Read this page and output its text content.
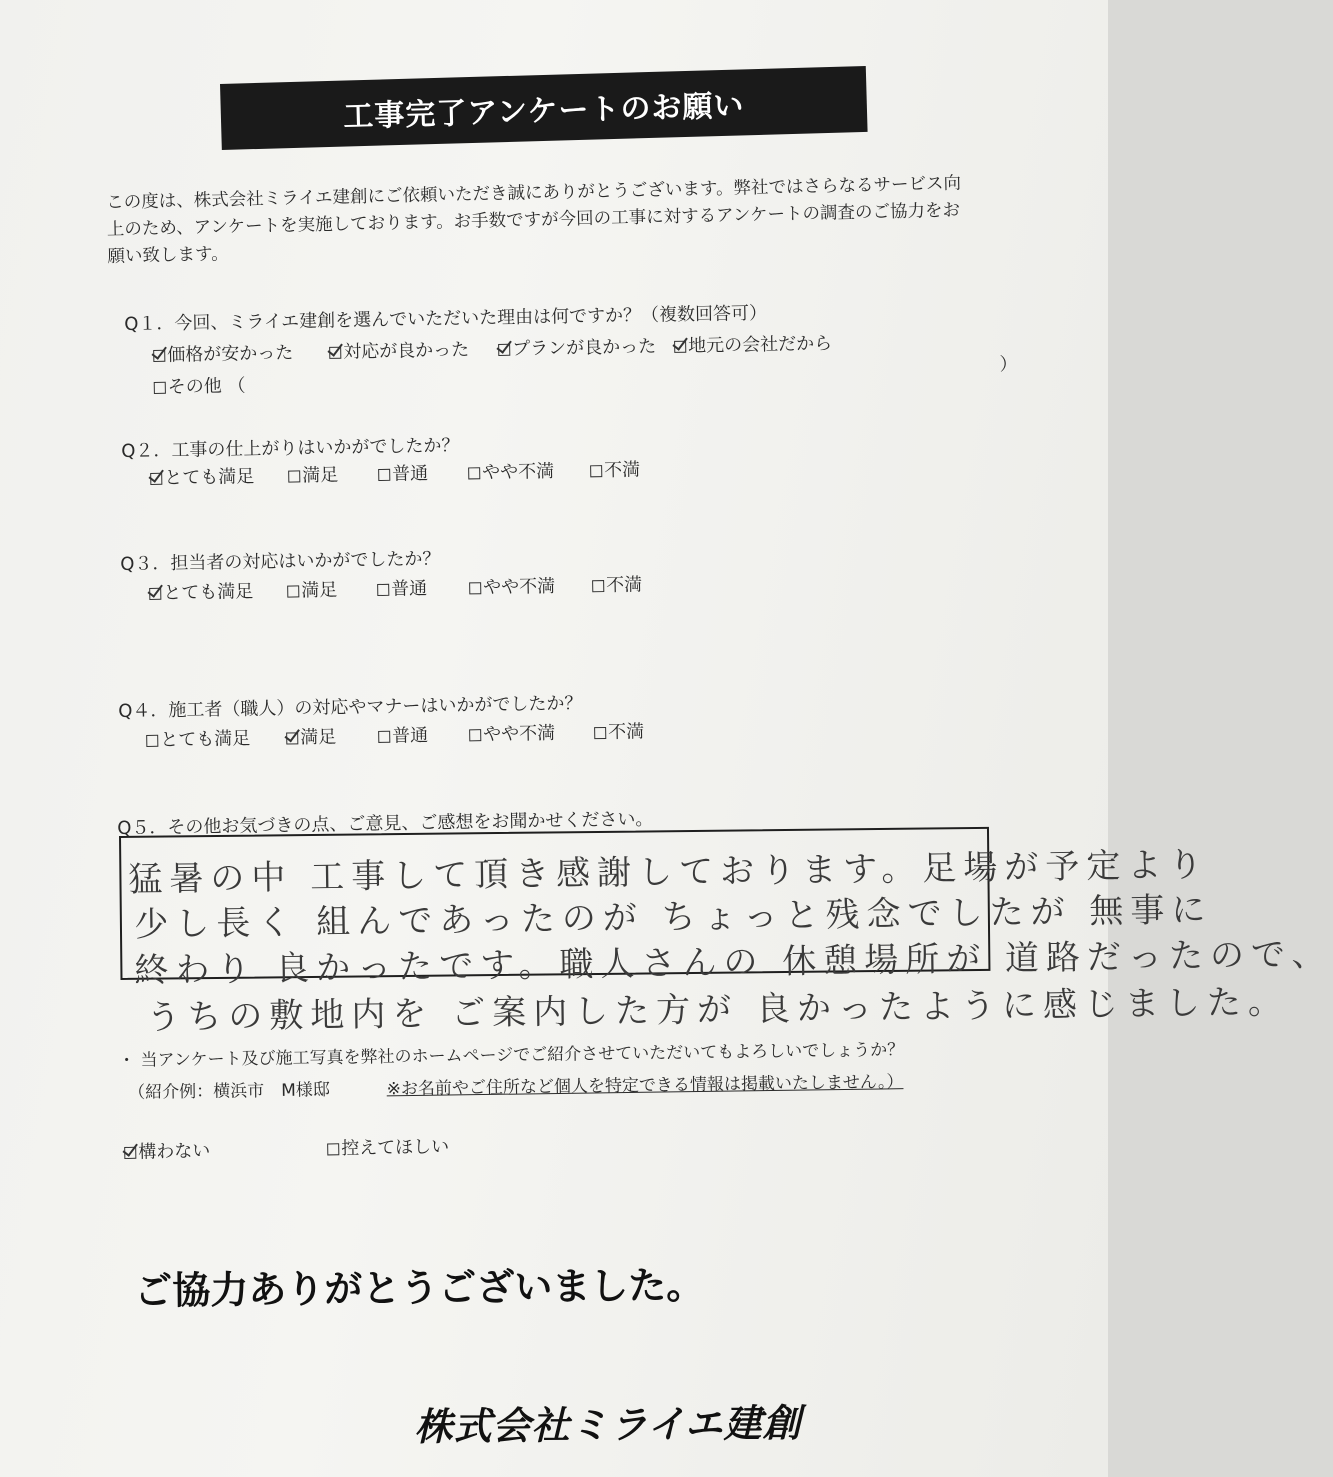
工事完了アンケートのお願い
この度は、株式会社ミライエ建創にご依頼いただき誠にありがとうございます。弊社ではさらなるサービス向上のため、アンケートを実施しております。お手数ですが今回の工事に対するアンケートの調査のご協力をお願い致します。
Q１．今回、ミライエ建創を選んでいただいた理由は何ですか？（複数回答可）
価格が安かった	対応が良かった	プランが良かった	地元の会社だから
その他 （
）
Q２．工事の仕上がりはいかがでしたか？
とても満足	満足	普通	やや不満	不満
Q３．担当者の対応はいかがでしたか？
とても満足	満足	普通	やや不満	不満
Q４．施工者（職人）の対応やマナーはいかがでしたか？
とても満足	満足	普通	やや不満	不満
Q５．その他お気づきの点、ご意見、ご感想をお聞かせください。
猛暑の中 工事して頂き感謝しております。足場が予定より
少し長く 組んであったのが ちょっと残念でしたが 無事に
終わり 良かったです。職人さんの 休憩場所が 道路だったので、
うちの敷地内を ご案内した方が 良かったように感じました。
・ 当アンケート及び施工写真を弊社のホームページでご紹介させていただいてもよろしいでしょうか？
（紹介例：横浜市　M様邸	※お名前やご住所など個人を特定できる情報は掲載いたしません。）
構わない	控えてほしい
ご協力ありがとうございました。
株式会社ミライエ建創
